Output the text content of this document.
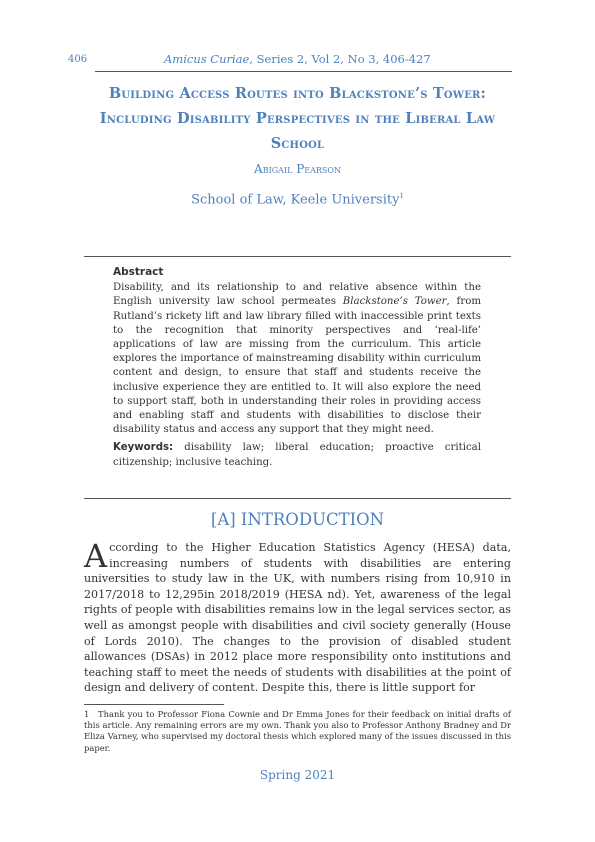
406	Amicus Curiae, Series 2, Vol 2, No 3, 406-427
Building Access Routes into Blackstone’s Tower: Including Disability Perspectives in the Liberal Law School
Abigail Pearson
School of Law, Keele University$^1$
Abstract
Disability, and its relationship to and relative absence within the English university law school permeates Blackstone’s Tower, from Rutland’s rickety lift and law library filled with inaccessible print texts to the recognition that minority perspectives and ‘real-life’ applications of law are missing from the curriculum. This article explores the importance of mainstreaming disability within curriculum content and design, to ensure that staff and students receive the inclusive experience they are entitled to. It will also explore the need to support staff, both in understanding their roles in providing access and enabling staff and students with disabilities to disclose their disability status and access any support that they might need.
Keywords: disability law; liberal education; proactive critical citizenship; inclusive teaching.
[A] INTRODUCTION
According to the Higher Education Statistics Agency (HESA) data, increasing numbers of students with disabilities are entering universities to study law in the UK, with numbers rising from 10,910 in 2017/2018 to 12,295in 2018/2019 (HESA nd). Yet, awareness of the legal rights of people with disabilities remains low in the legal services sector, as well as amongst people with disabilities and civil society generally (House of Lords 2010). The changes to the provision of disabled student allowances (DSAs) in 2012 place more responsibility onto institutions and teaching staff to meet the needs of students with disabilities at the point of design and delivery of content. Despite this, there is little support for
1 Thank you to Professor Fiona Cownie and Dr Emma Jones for their feedback on initial drafts of this article. Any remaining errors are my own. Thank you also to Professor Anthony Bradney and Dr Eliza Varney, who supervised my doctoral thesis which explored many of the issues discussed in this paper.
Spring 2021
